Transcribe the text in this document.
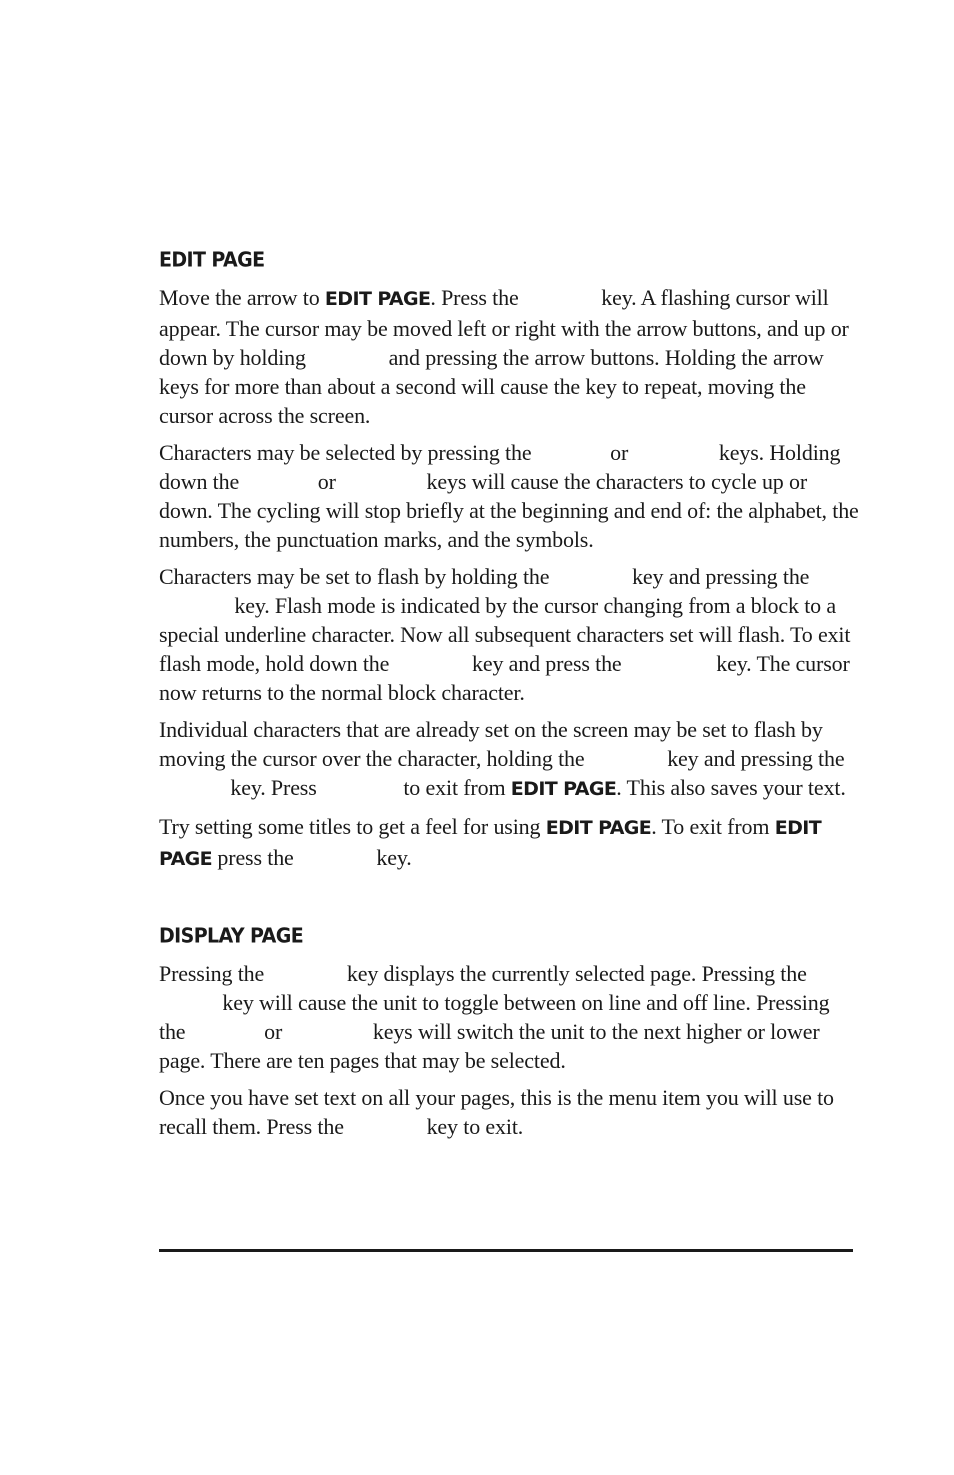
EDIT PAGE

Move the arrow to EDIT PAGE. Press the	key. A flashing cursor will appear. The cursor may be moved left or right with the arrow buttons, and up or down by holding	and pressing the arrow buttons. Holding the arrow keys for more than about a second will cause the key to repeat, moving the cursor across the screen.

Characters may be selected by pressing the	or	keys. Holding down the	or	keys will cause the characters to cycle up or down. The cycling will stop briefly at the beginning and end of: the alphabet, the numbers, the punctuation marks, and the symbols.

Characters may be set to flash by holding the	key and pressing the  key. Flash mode is indicated by the cursor changing from a block to a special underline character. Now all subsequent characters set will flash. To exit flash mode, hold down the	key and press the	key. The cursor now returns to the normal block character.

Individual characters that are already set on the screen may be set to flash by moving the cursor over the character, holding the	key and pressing the  key. Press	to exit from EDIT PAGE. This also saves your text.

Try setting some titles to get a feel for using EDIT PAGE. To exit from EDIT PAGE press the	key.

DISPLAY PAGE

Pressing the	key displays the currently selected page. Pressing the  key will cause the unit to toggle between on line and off line. Pressing the	or	keys will switch the unit to the next higher or lower page. There are ten pages that may be selected.

Once you have set text on all your pages, this is the menu item you will use to recall them. Press the	key to exit.
